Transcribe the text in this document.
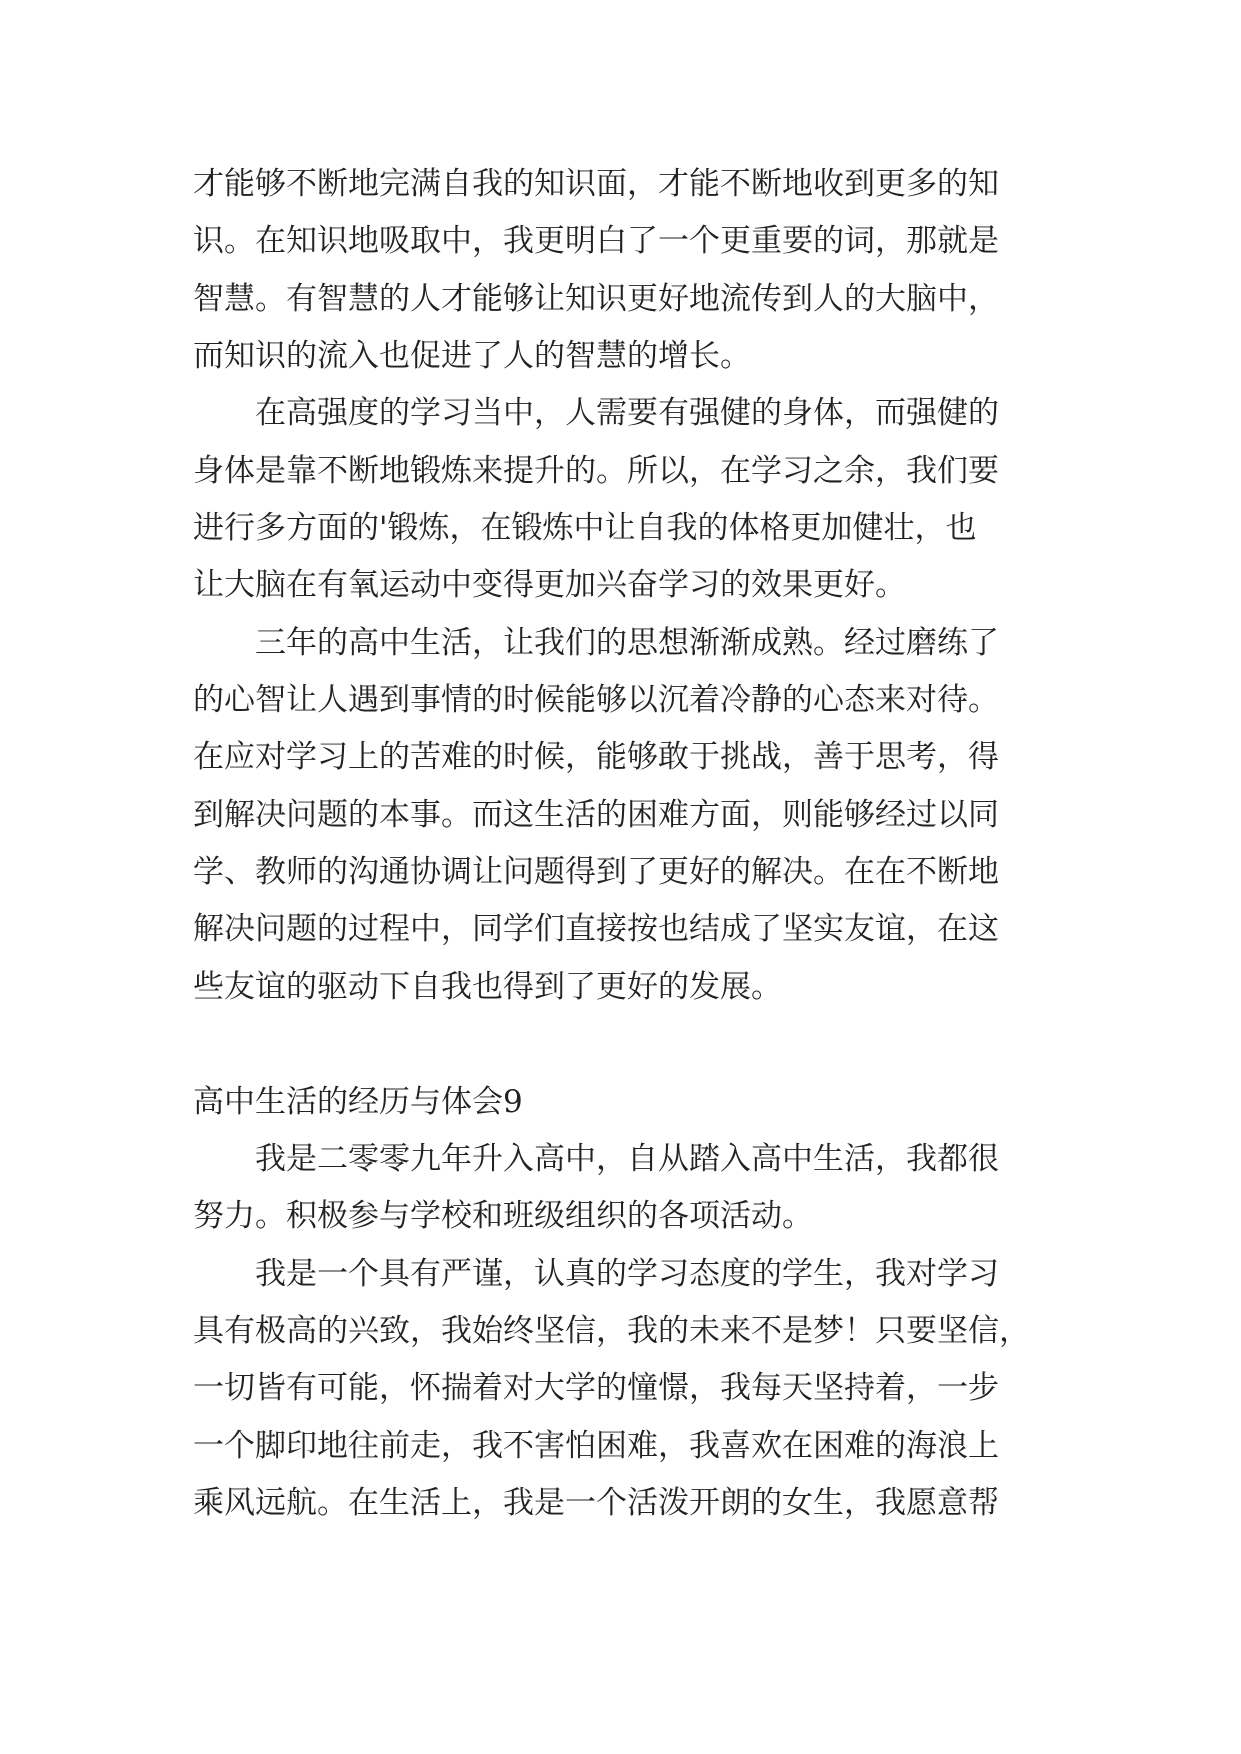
才能够不断地完满自我的知识面，才能不断地收到更多的知
识。在知识地吸取中，我更明白了一个更重要的词，那就是
智慧。有智慧的人才能够让知识更好地流传到人的大脑中，
而知识的流入也促进了人的智慧的增长。
在高强度的学习当中，人需要有强健的身体，而强健的
身体是靠不断地锻炼来提升的。所以，在学习之余，我们要
进行多方面的'锻炼，在锻炼中让自我的体格更加健壮，也
让大脑在有氧运动中变得更加兴奋学习的效果更好。
三年的高中生活，让我们的思想渐渐成熟。经过磨练了
的心智让人遇到事情的时候能够以沉着冷静的心态来对待。
在应对学习上的苦难的时候，能够敢于挑战，善于思考，得
到解决问题的本事。而这生活的困难方面，则能够经过以同
学、教师的沟通协调让问题得到了更好的解决。在在不断地
解决问题的过程中，同学们直接按也结成了坚实友谊，在这
些友谊的驱动下自我也得到了更好的发展。
高中生活的经历与体会9
我是二零零九年升入高中，自从踏入高中生活，我都很
努力。积极参与学校和班级组织的各项活动。
我是一个具有严谨，认真的学习态度的学生，我对学习
具有极高的兴致，我始终坚信，我的未来不是梦！只要坚信，
一切皆有可能，怀揣着对大学的憧憬，我每天坚持着，一步
一个脚印地往前走，我不害怕困难，我喜欢在困难的海浪上
乘风远航。在生活上，我是一个活泼开朗的女生，我愿意帮
